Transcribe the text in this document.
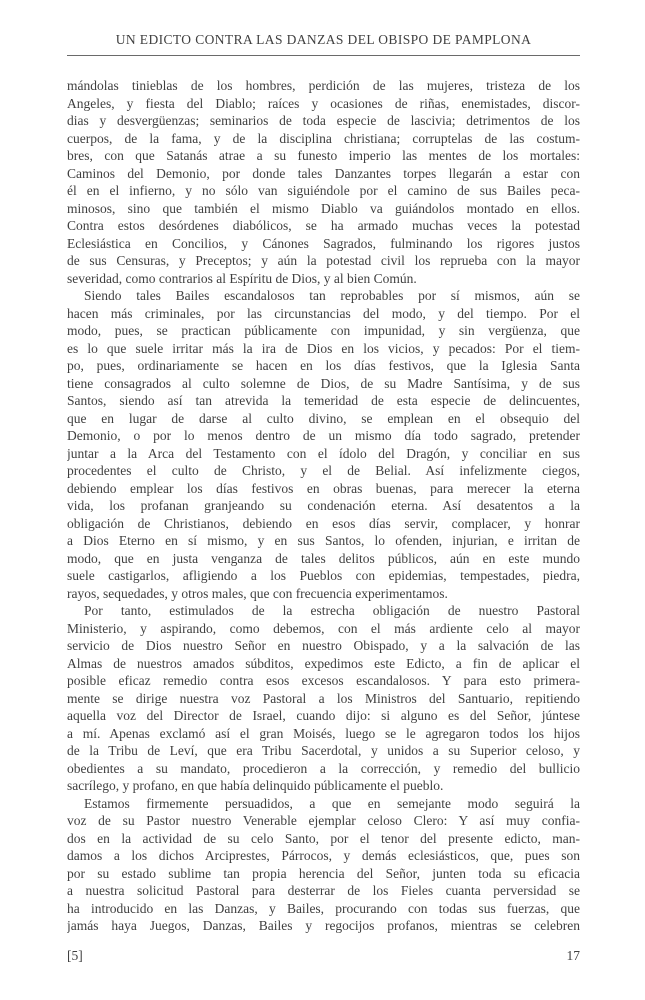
UN EDICTO CONTRA LAS DANZAS DEL OBISPO DE PAMPLONA
mándolas tinieblas de los hombres, perdición de las mujeres, tristeza de los
Angeles, y fiesta del Diablo; raíces y ocasiones de riñas, enemistades, discor-
dias y desvergüenzas; seminarios de toda especie de lascivia; detrimentos de los
cuerpos, de la fama, y de la disciplina christiana; corruptelas de las costum-
bres, con que Satanás atrae a su funesto imperio las mentes de los mortales:
Caminos del Demonio, por donde tales Danzantes torpes llegarán a estar con
él en el infierno, y no sólo van siguiéndole por el camino de sus Bailes peca-
minosos, sino que también el mismo Diablo va guiándolos montado en ellos.
Contra estos desórdenes diabólicos, se ha armado muchas veces la potestad
Eclesiástica en Concilios, y Cánones Sagrados, fulminando los rigores justos
de sus Censuras, y Preceptos; y aún la potestad civil los reprueba con la mayor
severidad, como contrarios al Espíritu de Dios, y al bien Común.
Siendo tales Bailes escandalosos tan reprobables por sí mismos, aún se
hacen más criminales, por las circunstancias del modo, y del tiempo. Por el
modo, pues, se practican públicamente con impunidad, y sin vergüenza, que
es lo que suele irritar más la ira de Dios en los vicios, y pecados: Por el tiem-
po, pues, ordinariamente se hacen en los días festivos, que la Iglesia Santa
tiene consagrados al culto solemne de Dios, de su Madre Santísima, y de sus
Santos, siendo así tan atrevida la temeridad de esta especie de delincuentes,
que en lugar de darse al culto divino, se emplean en el obsequio del
Demonio, o por lo menos dentro de un mismo día todo sagrado, pretender
juntar a la Arca del Testamento con el ídolo del Dragón, y conciliar en sus
procedentes el culto de Christo, y el de Belial. Así infelizmente ciegos,
debiendo emplear los días festivos en obras buenas, para merecer la eterna
vida, los profanan granjeando su condenación eterna. Así desatentos a la
obligación de Christianos, debiendo en esos días servir, complacer, y honrar
a Dios Eterno en sí mismo, y en sus Santos, lo ofenden, injurian, e irritan de
modo, que en justa venganza de tales delitos públicos, aún en este mundo
suele castigarlos, afligiendo a los Pueblos con epidemias, tempestades, piedra,
rayos, sequedades, y otros males, que con frecuencia experimentamos.
Por tanto, estimulados de la estrecha obligación de nuestro Pastoral
Ministerio, y aspirando, como debemos, con el más ardiente celo al mayor
servicio de Dios nuestro Señor en nuestro Obispado, y a la salvación de las
Almas de nuestros amados súbditos, expedimos este Edicto, a fin de aplicar el
posible eficaz remedio contra esos excesos escandalosos. Y para esto primera-
mente se dirige nuestra voz Pastoral a los Ministros del Santuario, repitiendo
aquella voz del Director de Israel, cuando dijo: si alguno es del Señor, júntese
a mí. Apenas exclamó así el gran Moisés, luego se le agregaron todos los hijos
de la Tribu de Leví, que era Tribu Sacerdotal, y unidos a su Superior celoso, y
obedientes a su mandato, procedieron a la corrección, y remedio del bullicio
sacrílego, y profano, en que había delinquido públicamente el pueblo.
Estamos firmemente persuadidos, a que en semejante modo seguirá la
voz de su Pastor nuestro Venerable ejemplar celoso Clero: Y así muy confia-
dos en la actividad de su celo Santo, por el tenor del presente edicto, man-
damos a los dichos Arciprestes, Párrocos, y demás eclesiásticos, que, pues son
por su estado sublime tan propia herencia del Señor, junten toda su eficacia
a nuestra solicitud Pastoral para desterrar de los Fieles cuanta perversidad se
ha introducido en las Danzas, y Bailes, procurando con todas sus fuerzas, que
jamás haya Juegos, Danzas, Bailes y regocijos profanos, mientras se celebren
[5]	17
